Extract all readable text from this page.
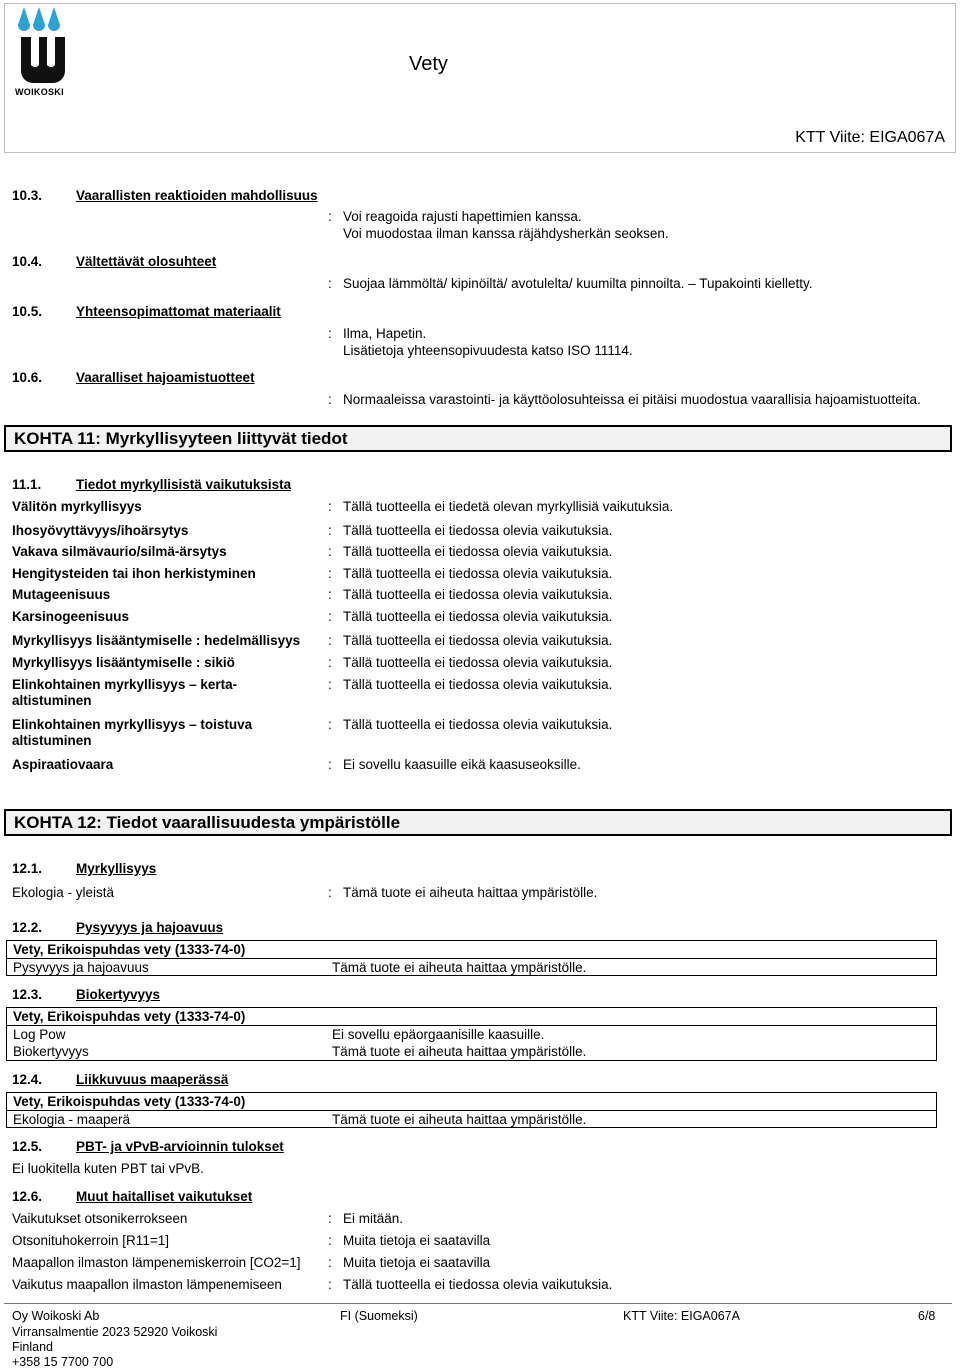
WOIKOSKI
Vety
KTT Viite: EIGA067A
10.3.	Vaarallisten reaktioiden mahdollisuus
: Voi reagoida rajusti hapettimien kanssa.
Voi muodostaa ilman kanssa räjähdysherkän seoksen.
10.4.	Vältettävät olosuhteet
: Suojaa lämmöltä/ kipinöiltä/ avotulelta/ kuumilta pinnoilta. – Tupakointi kielletty.
10.5.	Yhteensopimattomat materiaalit
: Ilma, Hapetin.
Lisätietoja yhteensopivuudesta katso ISO 11114.
10.6.	Vaaralliset hajoamistuotteet
: Normaaleissa varastointi- ja käyttöolosuhteissa ei pitäisi muodostua vaarallisia hajoamistuotteita.
KOHTA 11: Myrkyllisyyteen liittyvät tiedot
11.1.	Tiedot myrkyllisistä vaikutuksista
Välitön myrkyllisyys	: Tällä tuotteella ei tiedetä olevan myrkyllisiä vaikutuksia.
Ihosyövyttävyys/ihoärsytys	: Tällä tuotteella ei tiedossa olevia vaikutuksia.
Vakava silmävaurio/silmä-ärsytys	: Tällä tuotteella ei tiedossa olevia vaikutuksia.
Hengitysteiden tai ihon herkistyminen	: Tällä tuotteella ei tiedossa olevia vaikutuksia.
Mutageenisuus	: Tällä tuotteella ei tiedossa olevia vaikutuksia.
Karsinogeenisuus	: Tällä tuotteella ei tiedossa olevia vaikutuksia.
Myrkyllisyys lisääntymiselle : hedelmällisyys : Tällä tuotteella ei tiedossa olevia vaikutuksia.
Myrkyllisyys lisääntymiselle : sikiö	: Tällä tuotteella ei tiedossa olevia vaikutuksia.
Elinkohtainen myrkyllisyys – kerta-
altistuminen
: Tällä tuotteella ei tiedossa olevia vaikutuksia.
Elinkohtainen myrkyllisyys – toistuva
altistuminen
: Tällä tuotteella ei tiedossa olevia vaikutuksia.
Aspiraatiovaara	: Ei sovellu kaasuille eikä kaasuseoksille.
KOHTA 12: Tiedot vaarallisuudesta ympäristölle
12.1.	Myrkyllisyys
Ekologia - yleistä	: Tämä tuote ei aiheuta haittaa ympäristölle.
12.2.	Pysyvyys ja hajoavuus
Vety, Erikoispuhdas vety (1333-74-0)
Pysyvyys ja hajoavuus	Tämä tuote ei aiheuta haittaa ympäristölle.
12.3.	Biokertyvyys
Vety, Erikoispuhdas vety (1333-74-0)
Log Pow	Ei sovellu epäorgaanisille kaasuille.
Biokertyvyys	Tämä tuote ei aiheuta haittaa ympäristölle.
12.4.	Liikkuvuus maaperässä
Vety, Erikoispuhdas vety (1333-74-0)
Ekologia - maaperä	Tämä tuote ei aiheuta haittaa ympäristölle.
12.5.	PBT- ja vPvB-arvioinnin tulokset
Ei luokitella kuten PBT tai vPvB.
12.6.	Muut haitalliset vaikutukset
Vaikutukset otsonikerrokseen	: Ei mitään.
Otsonituhokerroin [R11=1]	: Muita tietoja ei saatavilla
Maapallon ilmaston lämpenemiskerroin [CO2=1] : Muita tietoja ei saatavilla
Vaikutus maapallon ilmaston lämpenemiseen	: Tällä tuotteella ei tiedossa olevia vaikutuksia.
Oy Woikoski Ab
Virransalmentie 2023 52920 Voikoski
Finland
+358 15 7700 700
FI (Suomeksi)	KTT Viite: EIGA067A	6/8
